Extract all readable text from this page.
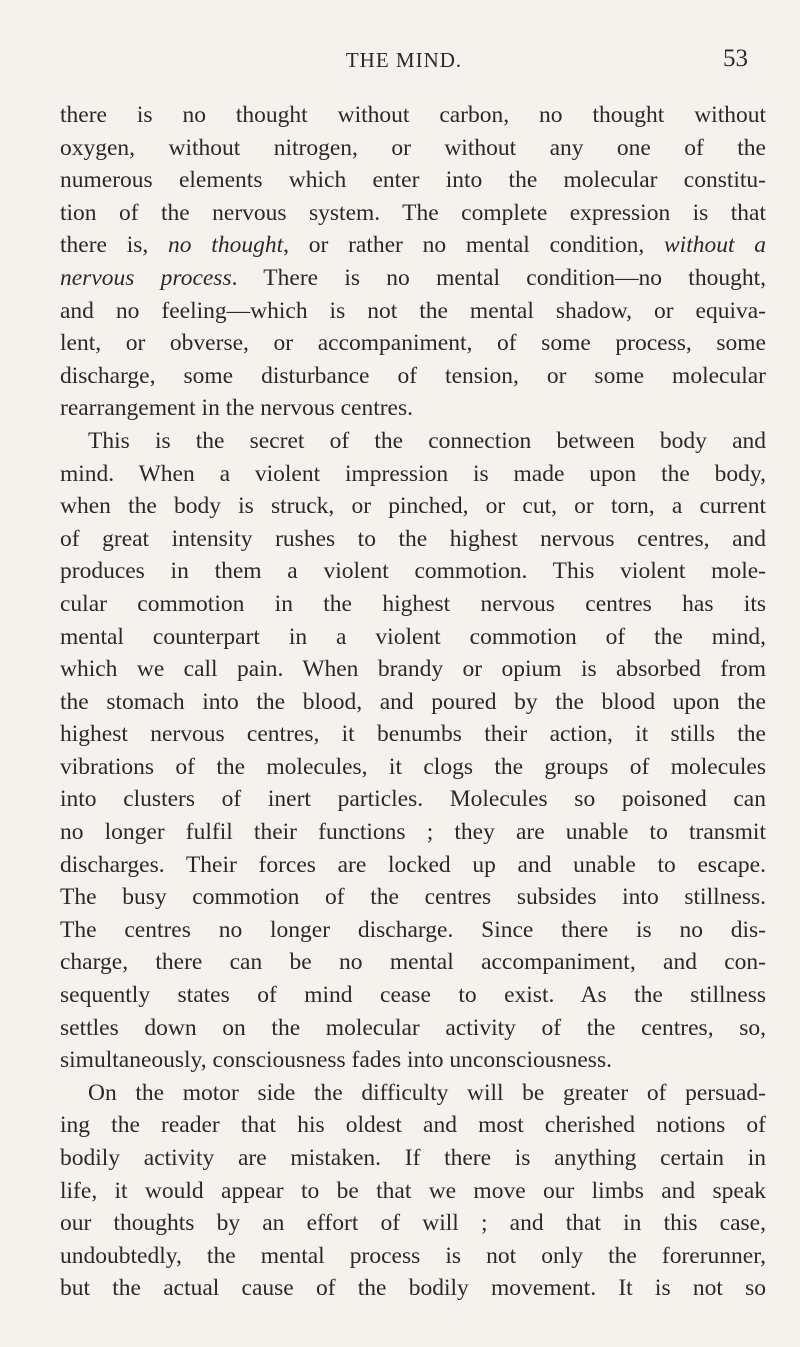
THE MIND.	53
there is no thought without carbon, no thought without
oxygen, without nitrogen, or without any one of the
numerous elements which enter into the molecular constitu-
tion of the nervous system. The complete expression is that
there is, no thought, or rather no mental condition, without a
nervous process. There is no mental condition—no thought,
and no feeling—which is not the mental shadow, or equiva-
lent, or obverse, or accompaniment, of some process, some
discharge, some disturbance of tension, or some molecular
rearrangement in the nervous centres.
This is the secret of the connection between body and
mind. When a violent impression is made upon the body,
when the body is struck, or pinched, or cut, or torn, a current
of great intensity rushes to the highest nervous centres, and
produces in them a violent commotion. This violent mole-
cular commotion in the highest nervous centres has its
mental counterpart in a violent commotion of the mind,
which we call pain. When brandy or opium is absorbed from
the stomach into the blood, and poured by the blood upon the
highest nervous centres, it benumbs their action, it stills the
vibrations of the molecules, it clogs the groups of molecules
into clusters of inert particles. Molecules so poisoned can
no longer fulfil their functions ; they are unable to transmit
discharges. Their forces are locked up and unable to escape.
The busy commotion of the centres subsides into stillness.
The centres no longer discharge. Since there is no dis-
charge, there can be no mental accompaniment, and con-
sequently states of mind cease to exist. As the stillness
settles down on the molecular activity of the centres, so,
simultaneously, consciousness fades into unconsciousness.
On the motor side the difficulty will be greater of persuad-
ing the reader that his oldest and most cherished notions of
bodily activity are mistaken. If there is anything certain in
life, it would appear to be that we move our limbs and speak
our thoughts by an effort of will ; and that in this case,
undoubtedly, the mental process is not only the forerunner,
but the actual cause of the bodily movement. It is not so
